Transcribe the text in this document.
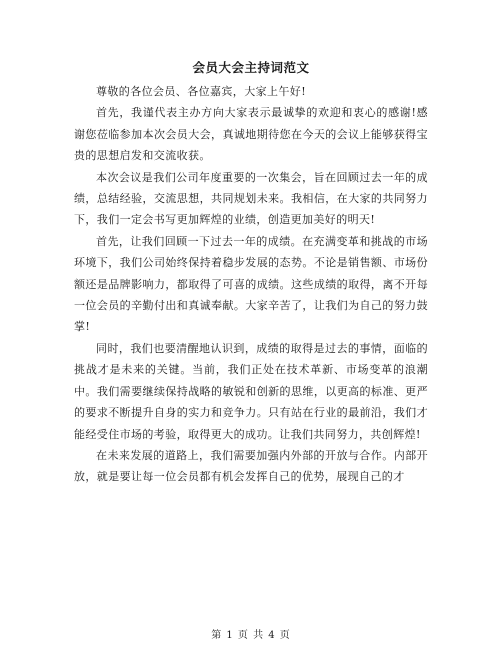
会员大会主持词范文

尊敬的各位会员、各位嘉宾，大家上午好!

首先，我谨代表主办方向大家表示最诚挚的欢迎和衷心的感谢!感谢您莅临参加本次会员大会，真诚地期待您在今天的会议上能够获得宝贵的思想启发和交流收获。

本次会议是我们公司年度重要的一次集会，旨在回顾过去一年的成绩，总结经验，交流思想，共同规划未来。我相信，在大家的共同努力下，我们一定会书写更加辉煌的业绩，创造更加美好的明天!

首先，让我们回顾一下过去一年的成绩。在充满变革和挑战的市场环境下，我们公司始终保持着稳步发展的态势。不论是销售额、市场份额还是品牌影响力，都取得了可喜的成绩。这些成绩的取得，离不开每一位会员的辛勤付出和真诚奉献。大家辛苦了，让我们为自己的努力鼓掌!

同时，我们也要清醒地认识到，成绩的取得是过去的事情，面临的挑战才是未来的关键。当前，我们正处在技术革新、市场变革的浪潮中。我们需要继续保持战略的敏锐和创新的思维，以更高的标准、更严的要求不断提升自身的实力和竞争力。只有站在行业的最前沿，我们才能经受住市场的考验，取得更大的成功。让我们共同努力，共创辉煌!

在未来发展的道路上，我们需要加强内外部的开放与合作。内部开放，就是要让每一位会员都有机会发挥自己的优势，展现自己的才

第 1 页 共 4 页
